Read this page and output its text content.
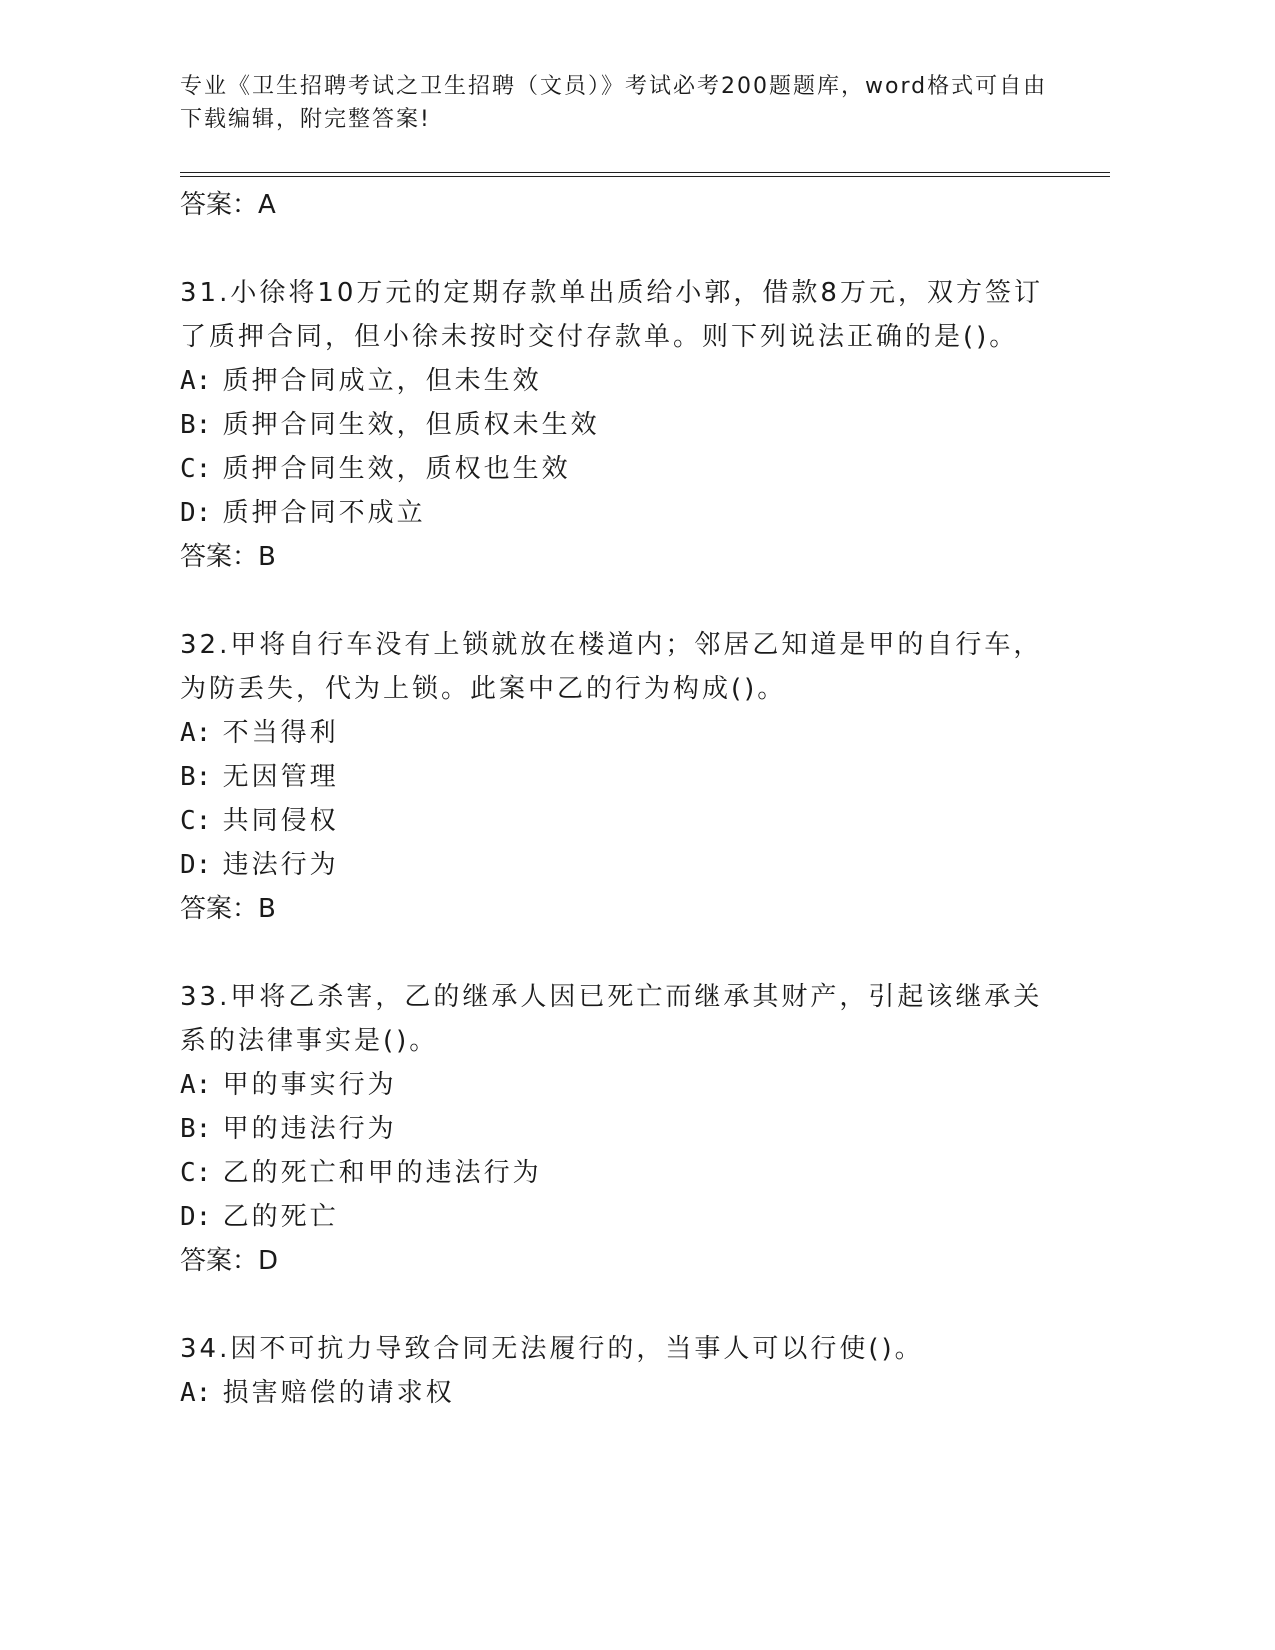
专业《卫生招聘考试之卫生招聘（文员）》考试必考200题题库，word格式可自由下载编辑，附完整答案!

答案：A

31.小徐将10万元的定期存款单出质给小郭，借款8万元，双方签订了质押合同，但小徐未按时交付存款单。则下列说法正确的是()。

A: 质押合同成立，但未生效

B: 质押合同生效，但质权未生效

C: 质押合同生效，质权也生效

D: 质押合同不成立

答案：B

32.甲将自行车没有上锁就放在楼道内；邻居乙知道是甲的自行车，为防丢失，代为上锁。此案中乙的行为构成()。

A: 不当得利

B: 无因管理

C: 共同侵权

D: 违法行为

答案：B

33.甲将乙杀害，乙的继承人因已死亡而继承其财产，引起该继承关系的法律事实是()。

A: 甲的事实行为

B: 甲的违法行为

C: 乙的死亡和甲的违法行为

D: 乙的死亡

答案：D

34.因不可抗力导致合同无法履行的，当事人可以行使()。

A: 损害赔偿的请求权
